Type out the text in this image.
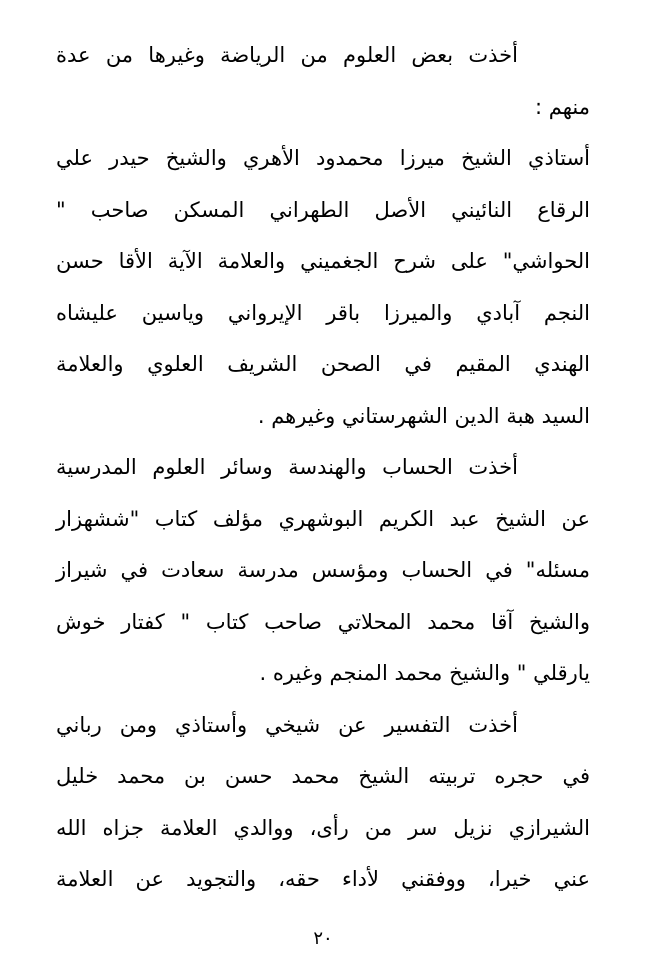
أخذت بعض العلوم من الرياضة وغيرها من عدة
منهم :
أستاذي الشيخ ميرزا محمدود الأهري والشيخ حيدر علي
الرقاع النائيني الأصل الطهراني المسكن صاحب "
الحواشي" على شرح الجغميني والعلامة الآية الأقا حسن
النجم آبادي والميرزا باقر الإيرواني وياسين عليشاه
الهندي المقيم في الصحن الشريف العلوي والعلامة
السيد هبة الدين الشهرستاني وغيرهم .
أخذت الحساب والهندسة وسائر العلوم المدرسية
عن الشيخ عبد الكريم البوشهري مؤلف كتاب "ششهزار
مسئله" في الحساب ومؤسس مدرسة سعادت في شيراز
والشيخ آقا محمد المحلاتي صاحب كتاب " كفتار خوش
يارقلي " والشيخ محمد المنجم وغيره .
أخذت التفسير عن شيخي وأستاذي ومن رباني
في حجره تربيته الشيخ محمد حسن بن محمد خليل
الشيرازي نزيل سر من رأى، ووالدي العلامة جزاه الله
عني خيرا، ووفقني لأداء حقه، والتجويد عن العلامة
٢٠
